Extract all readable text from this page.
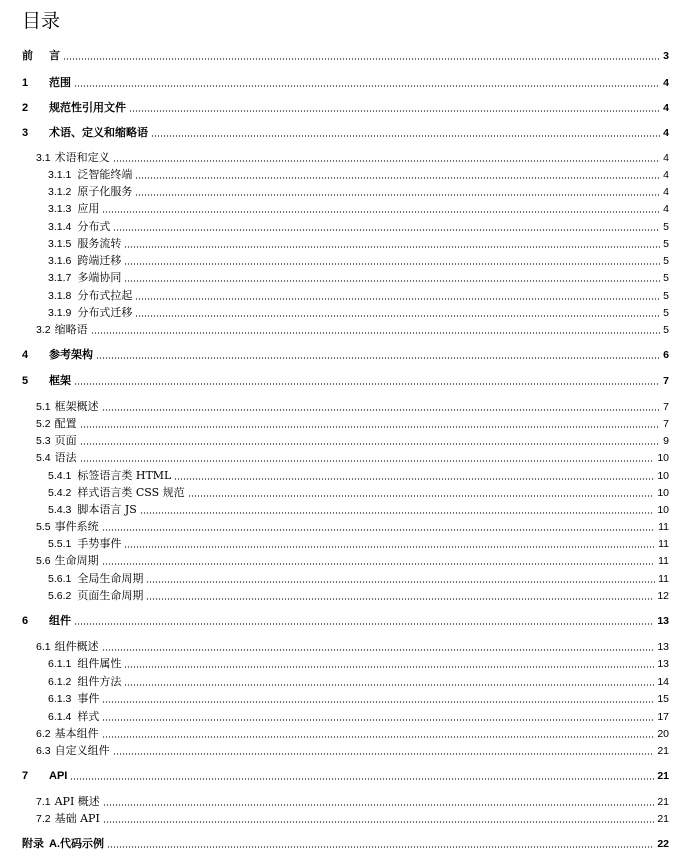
目录
前	言	3
1	范围	4
2	规范性引用文件	4
3	术语、定义和缩略语	4
3.1 术语和定义	4
3.1.1 泛智能终端	4
3.1.2 原子化服务	4
3.1.3 应用	4
3.1.4 分布式	5
3.1.5 服务流转	5
3.1.6 跨端迁移	5
3.1.7 多端协同	5
3.1.8 分布式拉起	5
3.1.9 分布式迁移	5
3.2 缩略语	5
4	参考架构	6
5	框架	7
5.1 框架概述	7
5.2 配置	7
5.3 页面	9
5.4 语法	10
5.4.1 标签语言类 HTML	10
5.4.2 样式语言类 CSS 规范	10
5.4.3 脚本语言 JS	10
5.5 事件系统	11
5.5.1 手势事件	11
5.6 生命周期	11
5.6.1 全局生命周期	11
5.6.2 页面生命周期	12
6	组件	13
6.1 组件概述	13
6.1.1 组件属性	13
6.1.2 组件方法	14
6.1.3 事件	15
6.1.4 样式	17
6.2 基本组件	20
6.3 自定义组件	21
7	API	21
7.1 API 概述	21
7.2 基础 API	21
附录 A.代码示例	22
